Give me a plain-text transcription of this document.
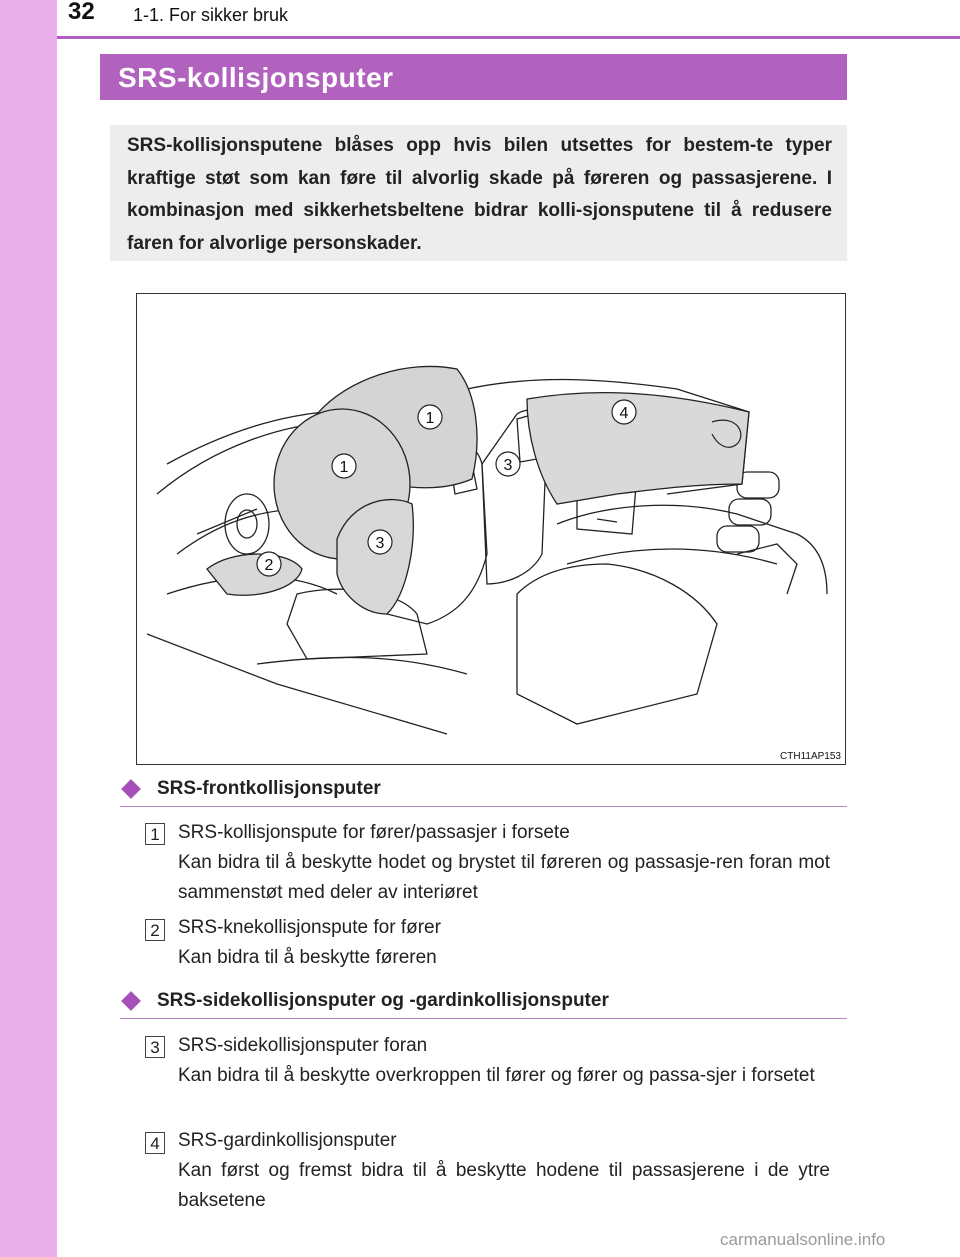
32 1-1. For sikker bruk
SRS-kollisjonsputer
SRS-kollisjonsputene blåses opp hvis bilen utsettes for bestem-te typer kraftige støt som kan føre til alvorlig skade på føreren og passasjerene. I kombinasjon med sikkerhetsbeltene bidrar kolli-sjonsputene til å redusere faren for alvorlige personskader.
1
1
2
3
3
4
CTH11AP153
SRS-frontkollisjonsputer
1 SRS-kollisjonspute for fører/passasjer i forsete
Kan bidra til å beskytte hodet og brystet til føreren og passasje-ren foran mot sammenstøt med deler av interiøret
2 SRS-knekollisjonspute for fører
Kan bidra til å beskytte føreren
SRS-sidekollisjonsputer og -gardinkollisjonsputer
3 SRS-sidekollisjonsputer foran
Kan bidra til å beskytte overkroppen til fører og fører og passa-sjer i forsetet
4 SRS-gardinkollisjonsputer
Kan først og fremst bidra til å beskytte hodene til passasjerene i de ytre baksetene
carmanualsonline.info
